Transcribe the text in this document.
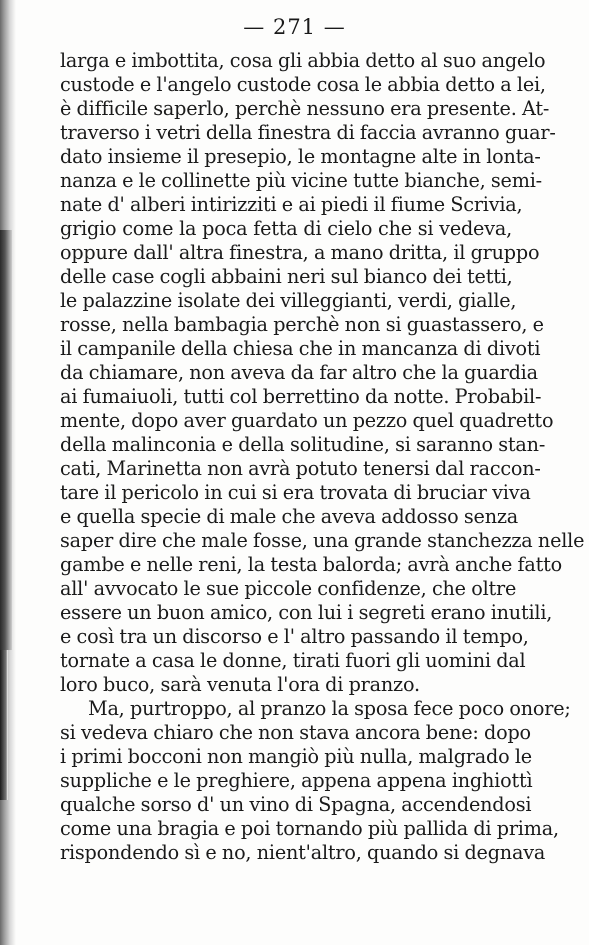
— 271 —
larga e imbottita, cosa gli abbia detto al suo angelo
custode e l'angelo custode cosa le abbia detto a lei,
è difficile saperlo, perchè nessuno era presente. At-
traverso i vetri della finestra di faccia avranno guar-
dato insieme il presepio, le montagne alte in lonta-
nanza e le collinette più vicine tutte bianche, semi-
nate d' alberi intirizziti e ai piedi il fiume Scrivia,
grigio come la poca fetta di cielo che si vedeva,
oppure dall' altra finestra, a mano dritta, il gruppo
delle case cogli abbaini neri sul bianco dei tetti,
le palazzine isolate dei villeggianti, verdi, gialle,
rosse, nella bambagia perchè non si guastassero, e
il campanile della chiesa che in mancanza di divoti
da chiamare, non aveva da far altro che la guardia
ai fumaiuoli, tutti col berrettino da notte. Probabil-
mente, dopo aver guardato un pezzo quel quadretto
della malinconia e della solitudine, si saranno stan-
cati, Marinetta non avrà potuto tenersi dal raccon-
tare il pericolo in cui si era trovata di bruciar viva
e quella specie di male che aveva addosso senza
saper dire che male fosse, una grande stanchezza nelle
gambe e nelle reni, la testa balorda; avrà anche fatto
all' avvocato le sue piccole confidenze, che oltre
essere un buon amico, con lui i segreti erano inutili,
e così tra un discorso e l' altro passando il tempo,
tornate a casa le donne, tirati fuori gli uomini dal
loro buco, sarà venuta l'ora di pranzo.
Ma, purtroppo, al pranzo la sposa fece poco onore;
si vedeva chiaro che non stava ancora bene: dopo
i primi bocconi non mangiò più nulla, malgrado le
suppliche e le preghiere, appena appena inghiottì
qualche sorso d' un vino di Spagna, accendendosi
come una bragia e poi tornando più pallida di prima,
rispondendo sì e no, nient'altro, quando si degnava
